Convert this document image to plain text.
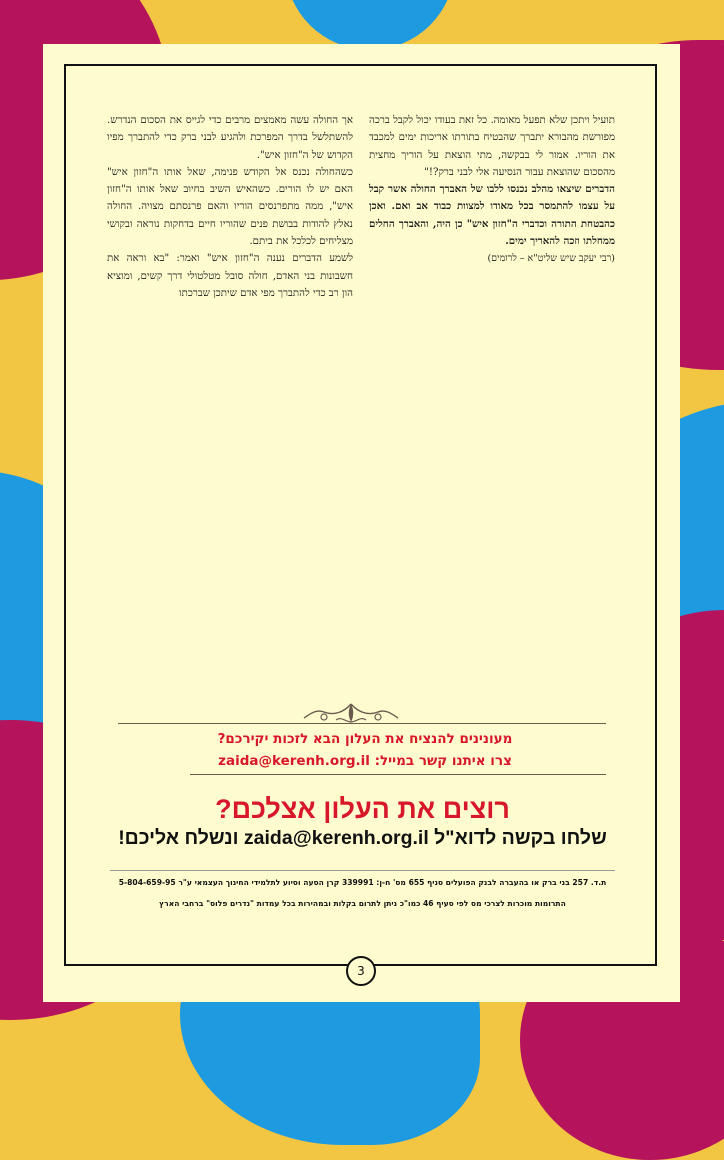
אך החולה עשה מאמצים מרבים כדי לגייס את הסכום הנדרש. להשתלשל בדרך המפרכת ולהגיע לבני ברק כדי להתברך מפיו הקדוש של ה"חזון איש".

כשהחולה נכנס אל הקודש פנימה, שאל אותו ה"חזון איש" האם יש לו הורים. כשהאיש השיב בחיוב שאל אותו ה"חזון איש", ממה מתפרנסים הוריו והאם פרנסתם מצויה. החולה נאלץ להודות בבושת פנים שהוריו חיים בדחקות נוראה ובקושי מצליחים לכלכל את ביתם.

לשמע הדברים נענה ה"חזון איש" ואמר: "בא וראה את חשבונות בני האדם, חולה סובל מטלטולי דרך קשים, ומוציא הון רב כדי להתברך מפי אדם שיתכן שברכתו

תועיל ויתכן שלא תפעל מאומה. כל זאת בעודו יכול לקבל ברכה מפורשת מהבורא יתברך שהבטיח בתורתו אריכות ימים למכבד את הוריו. אמור לי בבקשה, מתי הוצאת על הוריך מחצית מהסכום שהוצאת עבור הנסיעה אלי לבני ברק?!"

הדברים שיצאו מהלב נכנסו ללבו של האברך החולה אשר קבל על עצמו להתמסר בכל מאודו למצוות כבוד אב ואם. ואכן כהבטחת התורה וכדברי ה"חזון איש" כן היה, והאברך החלים ממחלתו וזכה להאריך ימים.

(רבי יעקב שיש שליט"א – לרומים)

מעונינים להנציח את העלון הבא לזכות יקירכם?
צרו איתנו קשר במייל: zaida@kerenh.org.il
רוצים את העלון אצלכם?
שלחו בקשה לדוא"ל zaida@kerenh.org.il ונשלח אליכם!
ת.ד. 257 בני ברק או בהעברה לבנק הפועלים סניף 655 מס' ח-ן: 339991 קרן הסעה וסיוע לתלמידי החינוך העצמאי ע"ר 5-804-659-95
התרומות מוכרות לצרכי מס לפי סעיף 46 כמו"כ ניתן לתרום בקלות ובמהירות בכל עמדות "נדרים פלוס" ברחבי הארץ
3
